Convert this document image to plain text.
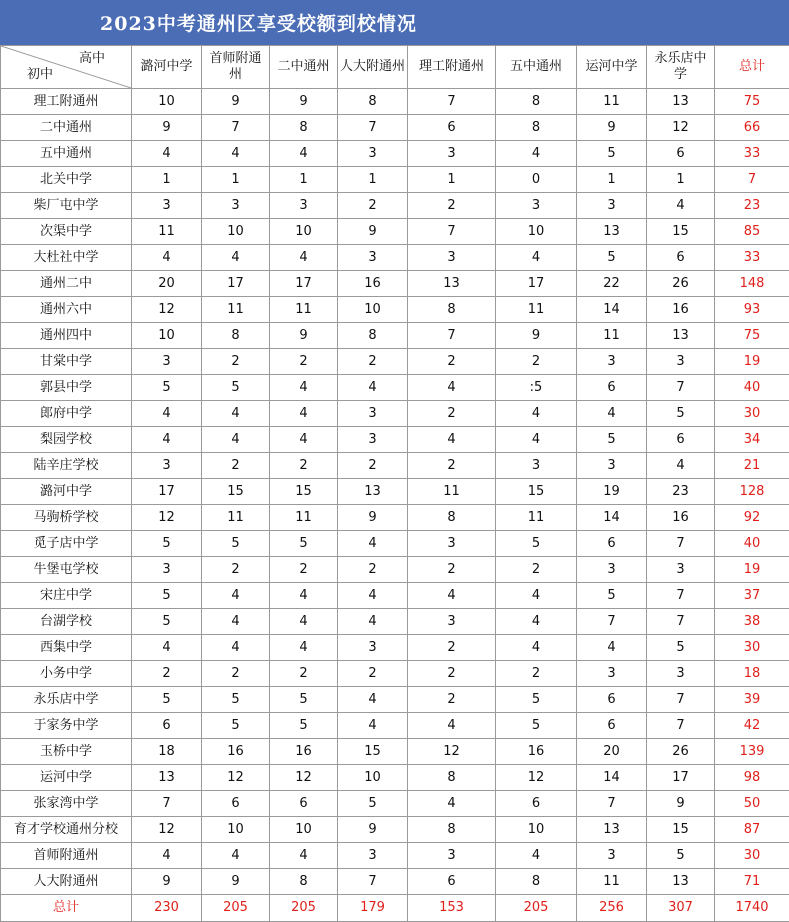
2023中考通州区享受校额到校情况
高中
初中	潞河中学	首师附通州	二中通州	人大附通州	理工附通州	五中通州	运河中学	永乐店中学	总计
理工附通州	10	9	9	8	7	8	11	13	75
二中通州	9	7	8	7	6	8	9	12	66
五中通州	4	4	4	3	3	4	5	6	33
北关中学	1	1	1	1	1	0	1	1	7
柴厂屯中学	3	3	3	2	2	3	3	4	23
次渠中学	11	10	10	9	7	10	13	15	85
大杜社中学	4	4	4	3	3	4	5	6	33
通州二中	20	17	17	16	13	17	22	26	148
通州六中	12	11	11	10	8	11	14	16	93
通州四中	10	8	9	8	7	9	11	13	75
甘棠中学	3	2	2	2	2	2	3	3	19
郭县中学	5	5	4	4	4	:5	6	7	40
郎府中学	4	4	4	3	2	4	4	5	30
梨园学校	4	4	4	3	4	4	5	6	34
陆辛庄学校	3	2	2	2	2	3	3	4	21
潞河中学	17	15	15	13	11	15	19	23	128
马驹桥学校	12	11	11	9	8	11	14	16	92
觅子店中学	5	5	5	4	3	5	6	7	40
牛堡屯学校	3	2	2	2	2	2	3	3	19
宋庄中学	5	4	4	4	4	4	5	7	37
台湖学校	5	4	4	4	3	4	7	7	38
西集中学	4	4	4	3	2	4	4	5	30
小务中学	2	2	2	2	2	2	3	3	18
永乐店中学	5	5	5	4	2	5	6	7	39
于家务中学	6	5	5	4	4	5	6	7	42
玉桥中学	18	16	16	15	12	16	20	26	139
运河中学	13	12	12	10	8	12	14	17	98
张家湾中学	7	6	6	5	4	6	7	9	50
育才学校通州分校	12	10	10	9	8	10	13	15	87
首师附通州	4	4	4	3	3	4	3	5	30
人大附通州	9	9	8	7	6	8	11	13	71
总计	230	205	205	179	153	205	256	307	1740
